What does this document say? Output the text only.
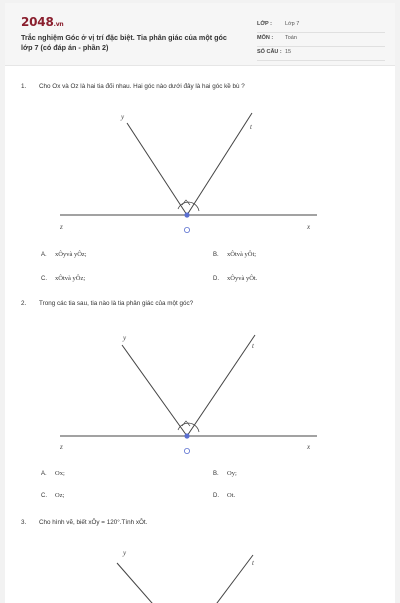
2048.vn
Trắc nghiệm Góc ở vị trí đặc biệt. Tia phân giác của một góc lớp 7 (có đáp án - phần 2)
LỚP : Lớp 7
MÔN : Toán
SỐ CÂU : 15
1. Cho Ox và Oz là hai tia đối nhau. Hai góc nào dưới đây là hai góc kề bù ?
y
t
z	x
y
t
z	x
y
t
A. xÔyvà yÔz;	B. xÔtvà yÔt;
C. xÔtvà yÔz;	D. xÔyvà yÔt.
2. Trong các tia sau, tia nào là tia phân giác của một góc?
A. Ox;	B. Oy;
C. Oz;	D. Ot.
3. Cho hình vẽ, biết xÔy = 120°.Tính xÔt.
